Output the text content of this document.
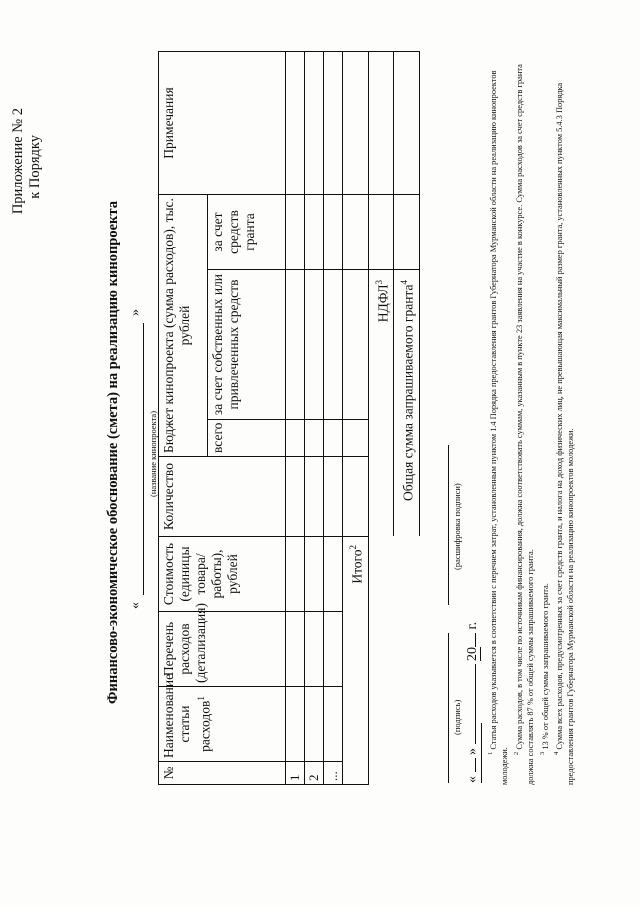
Приложение № 2 к Порядку
Финансово-экономическое обоснование (смета) на реализацию кинопроекта «
»
(название кинопроекта)
№	Наименование статьи расходов$^1$	Перечень расходов (детализация)	Стоимость (единицы товара/ работы), рублей	Количество	Бюджет кинопроекта (сумма расходов), тыс. рублей			Примечания
					всего	за счет собственных или привлеченных средств	за счет средств гранта	
1								
2								
...								
Итого$^2$					
					НДФЛ$^3$		
				Общая сумма запрашиваемого гранта$^4$		
(подпись)
(расшифровка подписи)
«  »  20 г.

$^1$ Статья расходов указывается в соответствии с перечнем затрат, установленным пунктом 1.4 Порядка предоставления грантов Губернатора Мурманской области на реализацию кинопроектов молодежи. $^2$ Сумма расходов, в том числе по источникам финансирования, должна соответствовать суммам, указанным в пункте 23 заявления на участие в конкурсе. Сумма расходов за счет средств гранта должна составлять 87 % от общей суммы запрашиваемого гранта. $^3$ 13 % от общей суммы запрашиваемого гранта.

$^4$ Сумма всех расходов, предусмотренных за счет средств гранта, и налога на доход физических лиц, не превышающая максимальный размер гранта, установленных пунктом 5.4.3 Порядка предоставления грантов Губернатора Мурманской области на реализацию кинопроектов молодежи.
